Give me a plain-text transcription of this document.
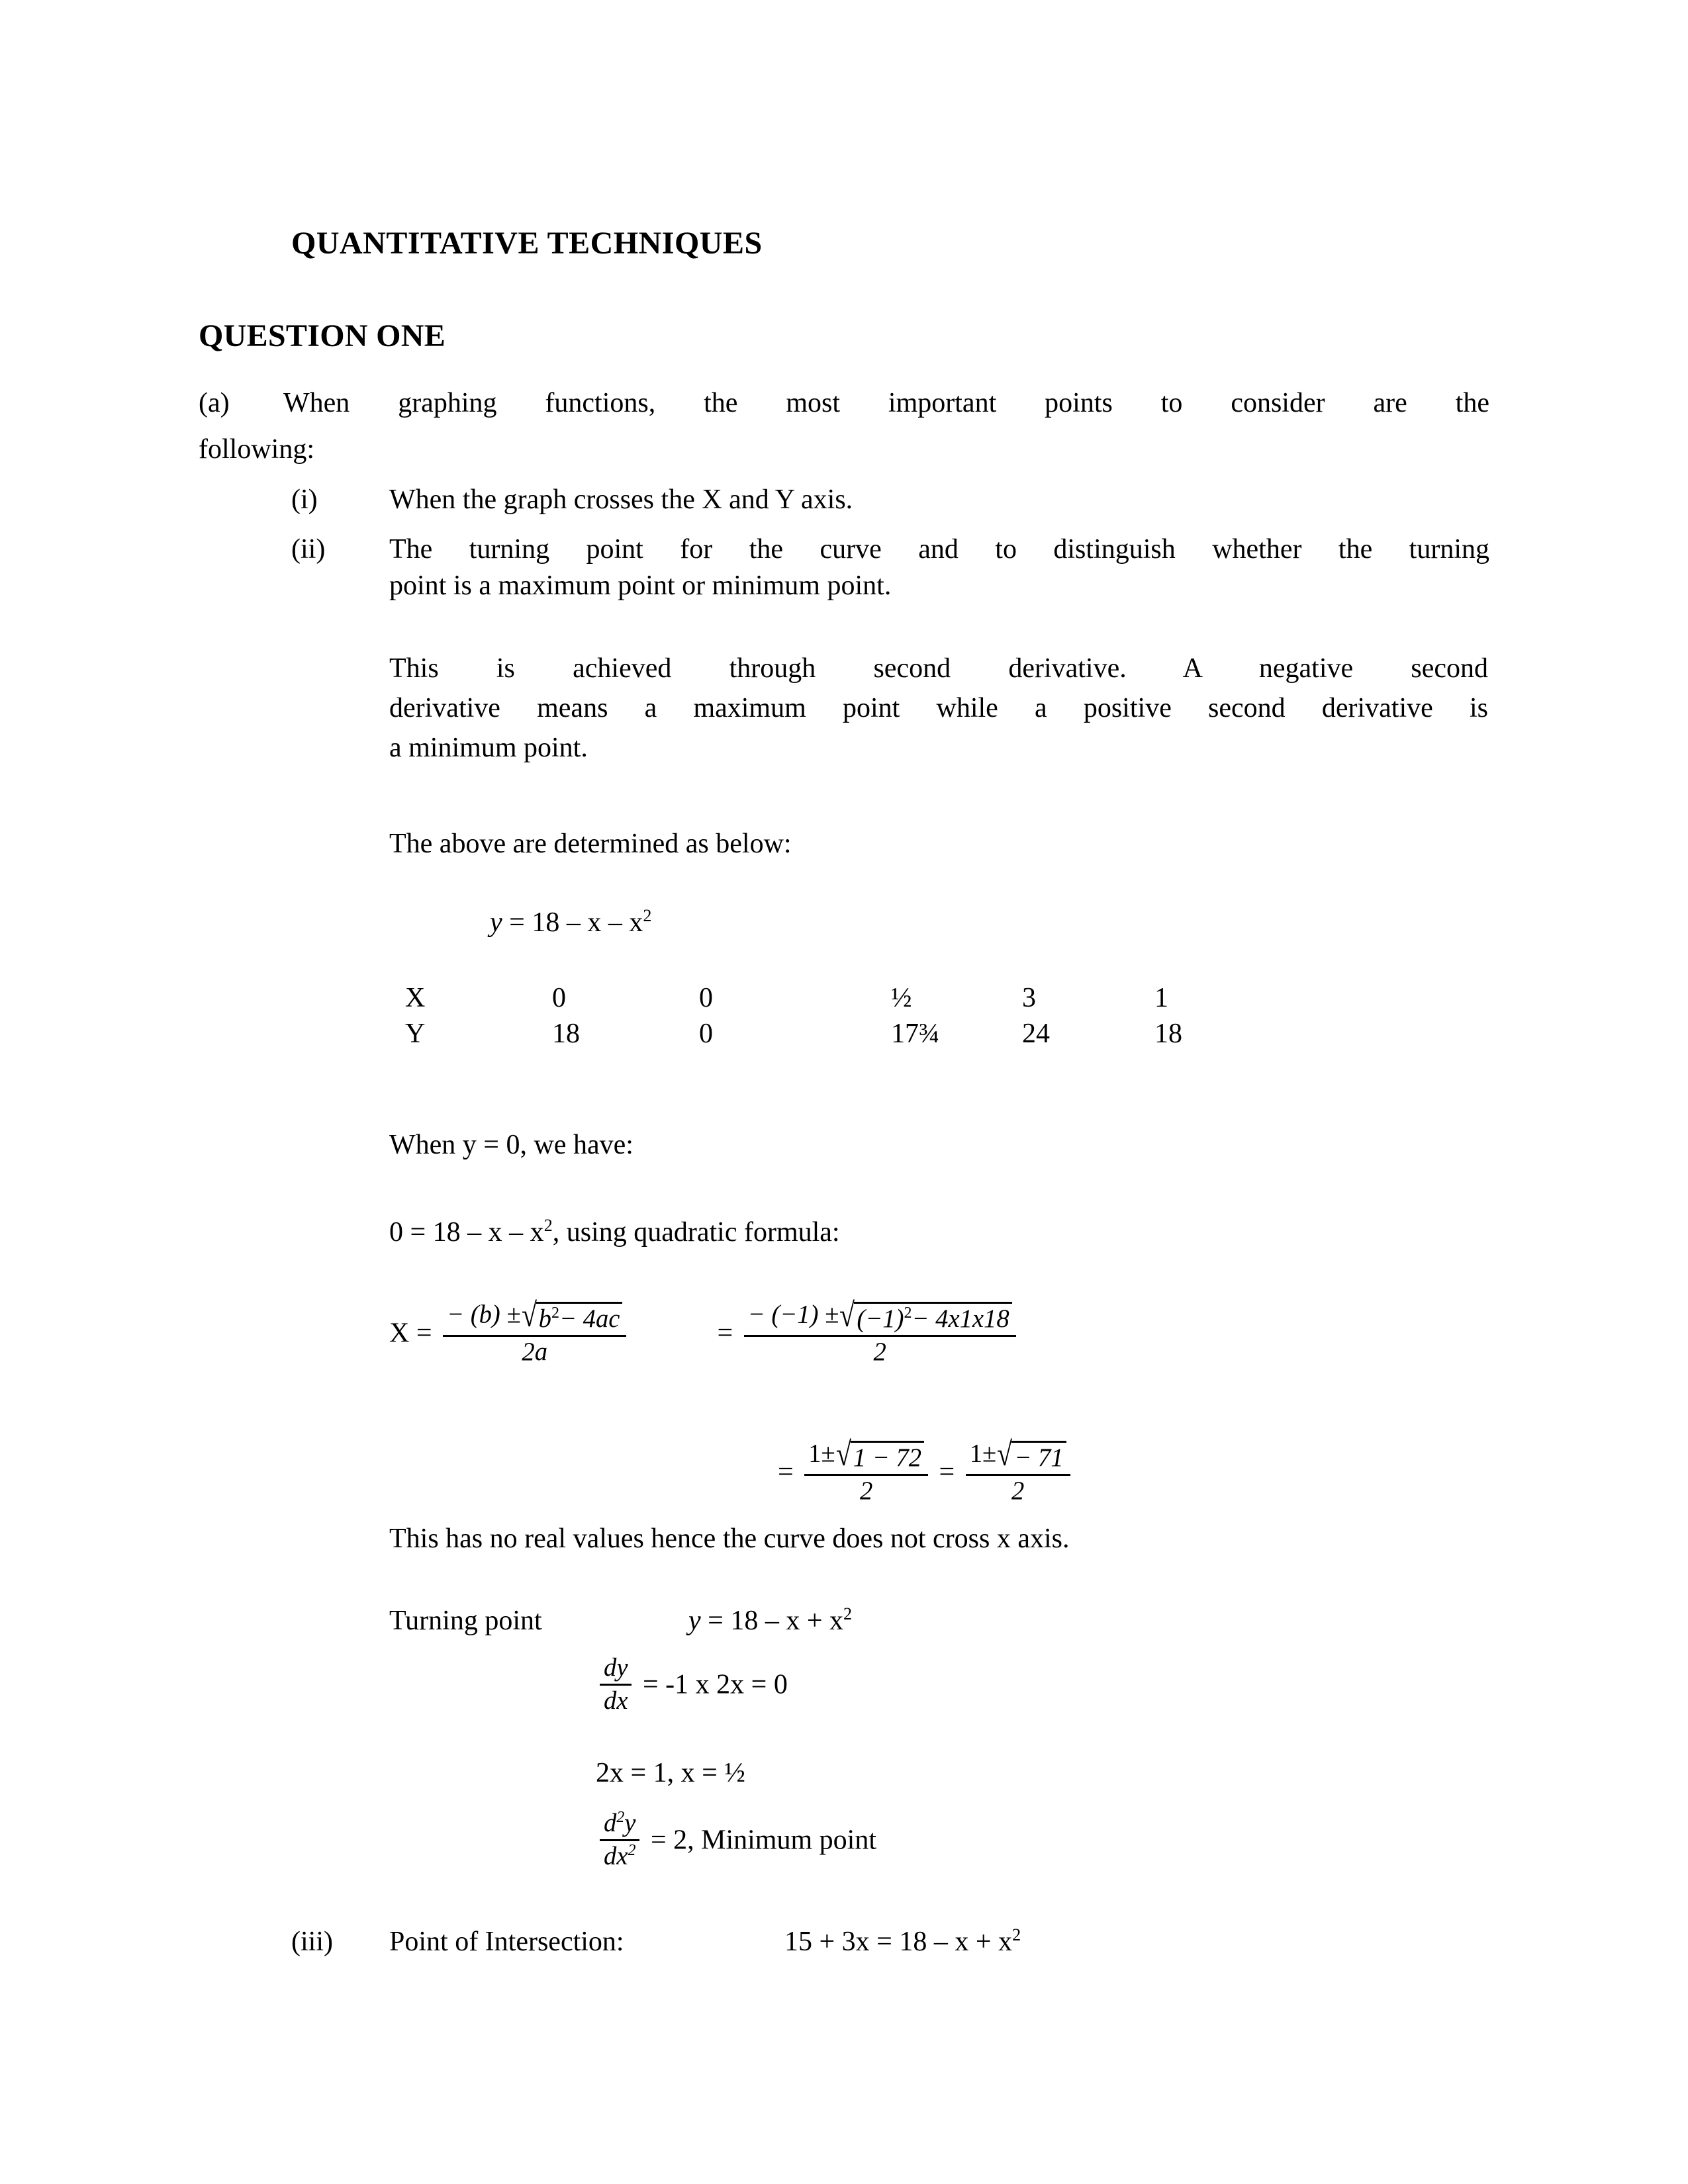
QUANTITATIVE TECHNIQUES
QUESTION ONE
(a) When graphing functions, the most important points to consider are the
following:
(i)	When the graph crosses the X and Y axis.
(ii)	The turning point for the curve and to distinguish whether the turning
point is a maximum point or minimum point.
This is achieved through second derivative. A negative second
derivative means a maximum point while a positive second derivative is
a minimum point.
The above are determined as below:
$y = 18 - x - x^2$
X	0	0	½	3	1
Y	18	0	17¾	24	18
When y = 0, we have:
$0 = 18 - x - x^2$, using quadratic formula:
$X = \frac{- (b) \pm√b^2- 4ac}{2a}$	= $\frac{- (-1) \pm√(-1)^2- 4x1x18}{2}$
= $\frac{1\pm√1 - 72}{2} = \frac{1\pm√- 71}{2}$
This has no real values hence the curve does not cross x axis.
Turning point	$y = 18 - x + x^2$
$\frac{dy}{dx} = -1$ x 2x = 0
2x = 1, x = ½
$\frac{d^2y}{dx^2} = 2$, Minimum point
(iii) Point of Intersection:	$15 + 3x = 18 - x + x^2$
